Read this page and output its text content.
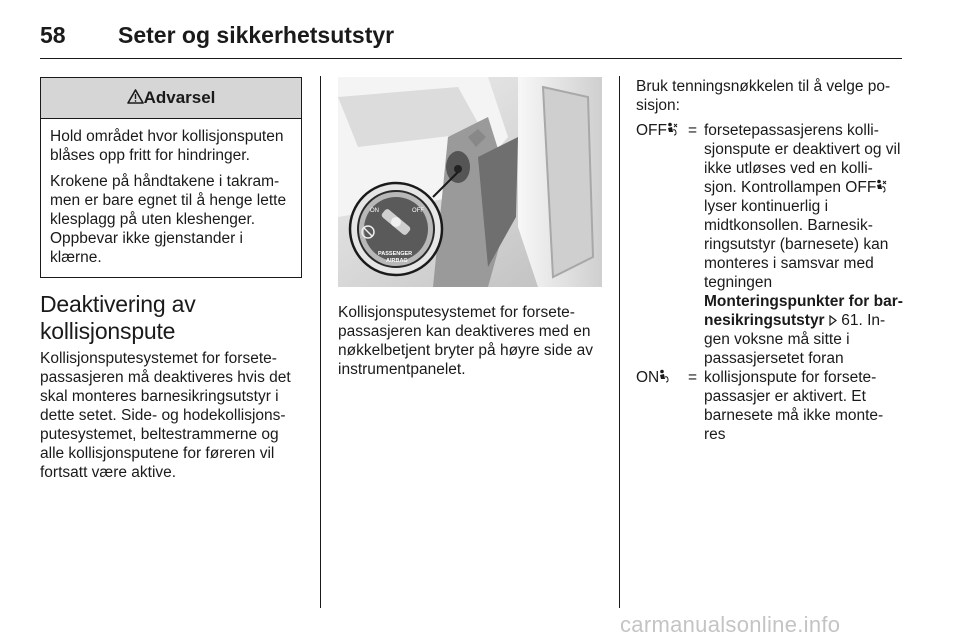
58 Seter og sikkerhetsutstyr
Advarsel

Hold området hvor kollisjonsputen blåses opp fritt for hindringer.

Krokene på håndtakene i takram-men er bare egnet til å henge lette klesplagg på uten kleshenger. Oppbevar ikke gjenstander i klærne.

Deaktivering av kollisjonspute

Kollisjonsputesystemet for forsete-passasjeren må deaktiveres hvis det skal monteres barnesikringsutstyr i dette setet. Side- og hodekollisjons-putesystemet, beltestrammerne og alle kollisjonsputene for føreren vil fortsatt være aktive.

ON	OFF
PASSENGER
AIRBAG

Kollisjonsputesystemet for forsete-passasjeren kan deaktiveres med en nøkkelbetjent bryter på høyre side av instrumentpanelet.

Bruk tenningsnøkkelen til å velge po-sisjon:

OFF	= forsetepassasjerens kolli-sjonspute er deaktivert og vil ikke utløses ved en kolli-sjon. Kontrollampen OFF lyser kontinuerlig i midtkonsollen. Barnesik-ringsutstyr (barnesete) kan monteres i samsvar med tegningen Monteringspunkter for bar-nesikringsutstyr  61. In-gen voksne må sitte i passasjersetet foran
ON	= kollisjonspute for forsete-passasjer er aktivert. Et barnesete må ikke monte-res
carmanualsonline.info
